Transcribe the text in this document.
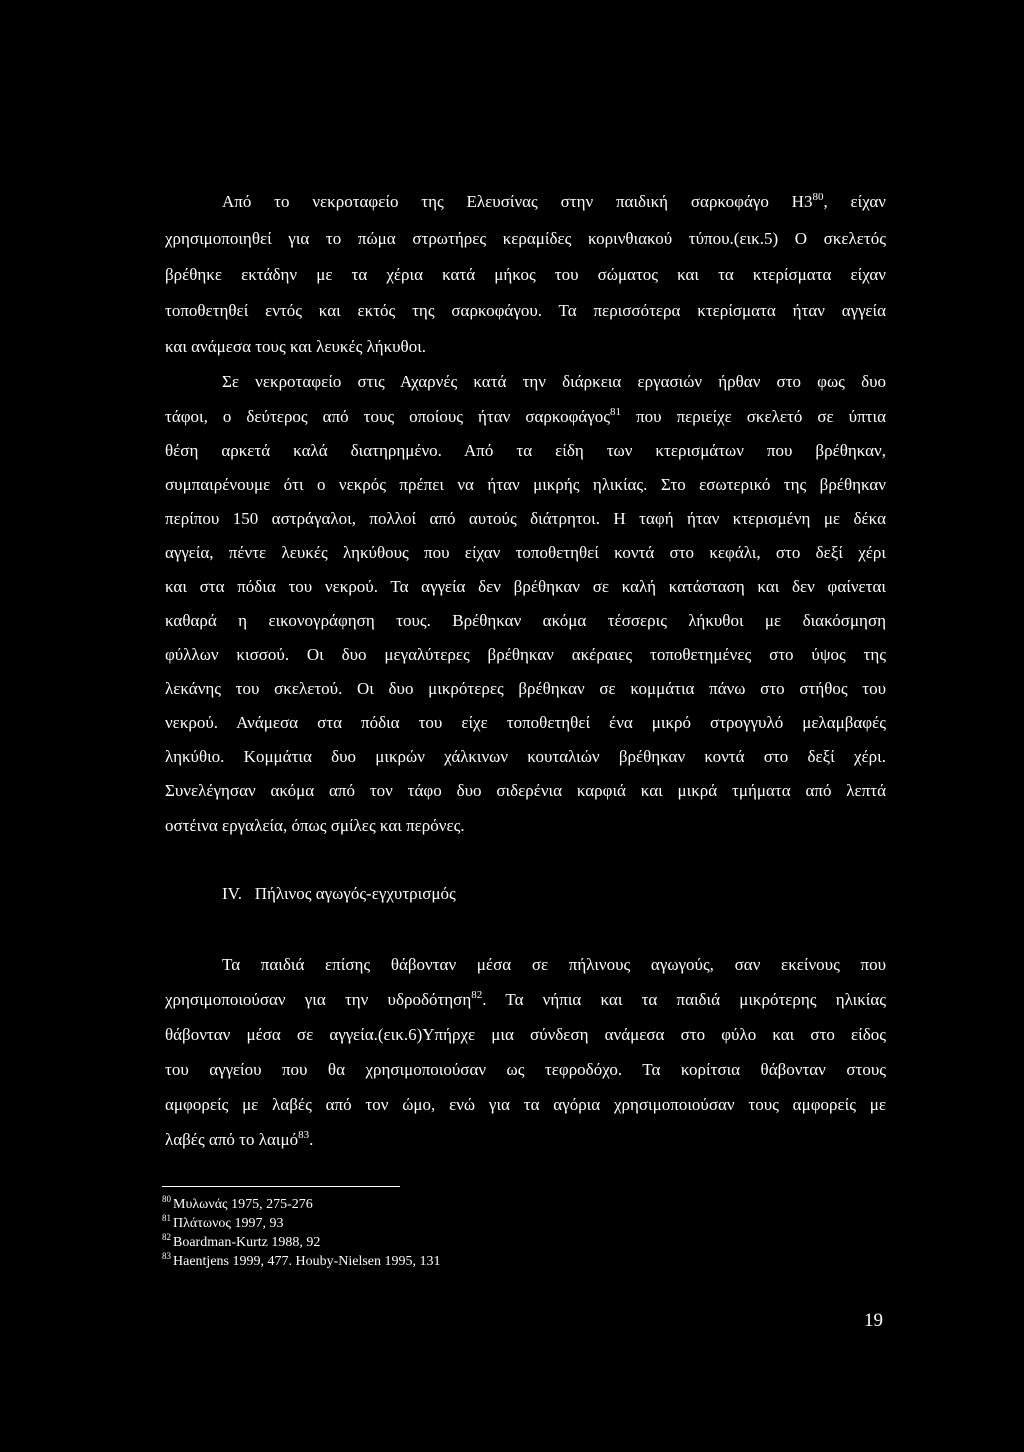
Από το νεκροταφείο της Ελευσίνας στην παιδική σαρκοφάγο $H3^{80}$, είχαν
χρησιμοποιηθεί για το πώμα στρωτήρες κεραμίδες κορινθιακού τύπου.(εικ.5) Ο σκελετός
βρέθηκε εκτάδην με τα χέρια κατά μήκος του σώματος και τα κτερίσματα είχαν
τοποθετηθεί εντός και εκτός της σαρκοφάγου. Τα περισσότερα κτερίσματα ήταν αγγεία
και ανάμεσα τους και λευκές λήκυθοι.
Σε νεκροταφείο στις Αχαρνές κατά την διάρκεια εργασιών ήρθαν στο φως δυο
τάφοι, ο δεύτερος από τους οποίους ήταν σαρκοφάγος$^{81}$ που περιείχε σκελετό σε ύπτια
θέση αρκετά καλά διατηρημένο. Από τα είδη των κτερισμάτων που βρέθηκαν,
συμπαιρένουμε ότι ο νεκρός πρέπει να ήταν μικρής ηλικίας. Στο εσωτερικό της βρέθηκαν
περίπου 150 αστράγαλοι, πολλοί από αυτούς διάτρητοι. Η ταφή ήταν κτερισμένη με δέκα
αγγεία, πέντε λευκές ληκύθους που είχαν τοποθετηθεί κοντά στο κεφάλι, στο δεξί χέρι
και στα πόδια του νεκρού. Τα αγγεία δεν βρέθηκαν σε καλή κατάσταση και δεν φαίνεται
καθαρά η εικονογράφηση τους. Βρέθηκαν ακόμα τέσσερις λήκυθοι με διακόσμηση
φύλλων κισσού. Οι δυο μεγαλύτερες βρέθηκαν ακέραιες τοποθετημένες στο ύψος της
λεκάνης του σκελετού. Οι δυο μικρότερες βρέθηκαν σε κομμάτια πάνω στο στήθος του
νεκρού. Ανάμεσα στα πόδια του είχε τοποθετηθεί ένα μικρό στρογγυλό μελαμβαφές
ληκύθιο. Κομμάτια δυο μικρών χάλκινων κουταλιών βρέθηκαν κοντά στο δεξί χέρι.
Συνελέγησαν ακόμα από τον τάφο δυο σιδερένια καρφιά και μικρά τμήματα από λεπτά
οστέινα εργαλεία, όπως σμίλες και περόνες.
IV. Πήλινος αγωγός-εγχυτρισμός
Τα παιδιά επίσης θάβονταν μέσα σε πήλινους αγωγούς, σαν εκείνους που
χρησιμοποιούσαν για την υδροδότηση$^{82}$. Τα νήπια και τα παιδιά μικρότερης ηλικίας
θάβονταν μέσα σε αγγεία.(εικ.6)Υπήρχε μια σύνδεση ανάμεσα στο φύλο και στο είδος
του αγγείου που θα χρησιμοποιούσαν ως τεφροδόχο. Τα κορίτσια θάβονταν στους
αμφορείς με λαβές από τον ώμο, ενώ για τα αγόρια χρησιμοποιούσαν τους αμφορείς με
λαβές από το λαιμό$^{83}$.
$^{80}$ Μυλωνάς 1975, 275-276
$^{81}$ Πλάτωνος 1997, 93
$^{82}$ Boardman-Kurtz 1988, 92
$^{83}$ Haentjens 1999, 477. Houby-Nielsen 1995, 131
19
